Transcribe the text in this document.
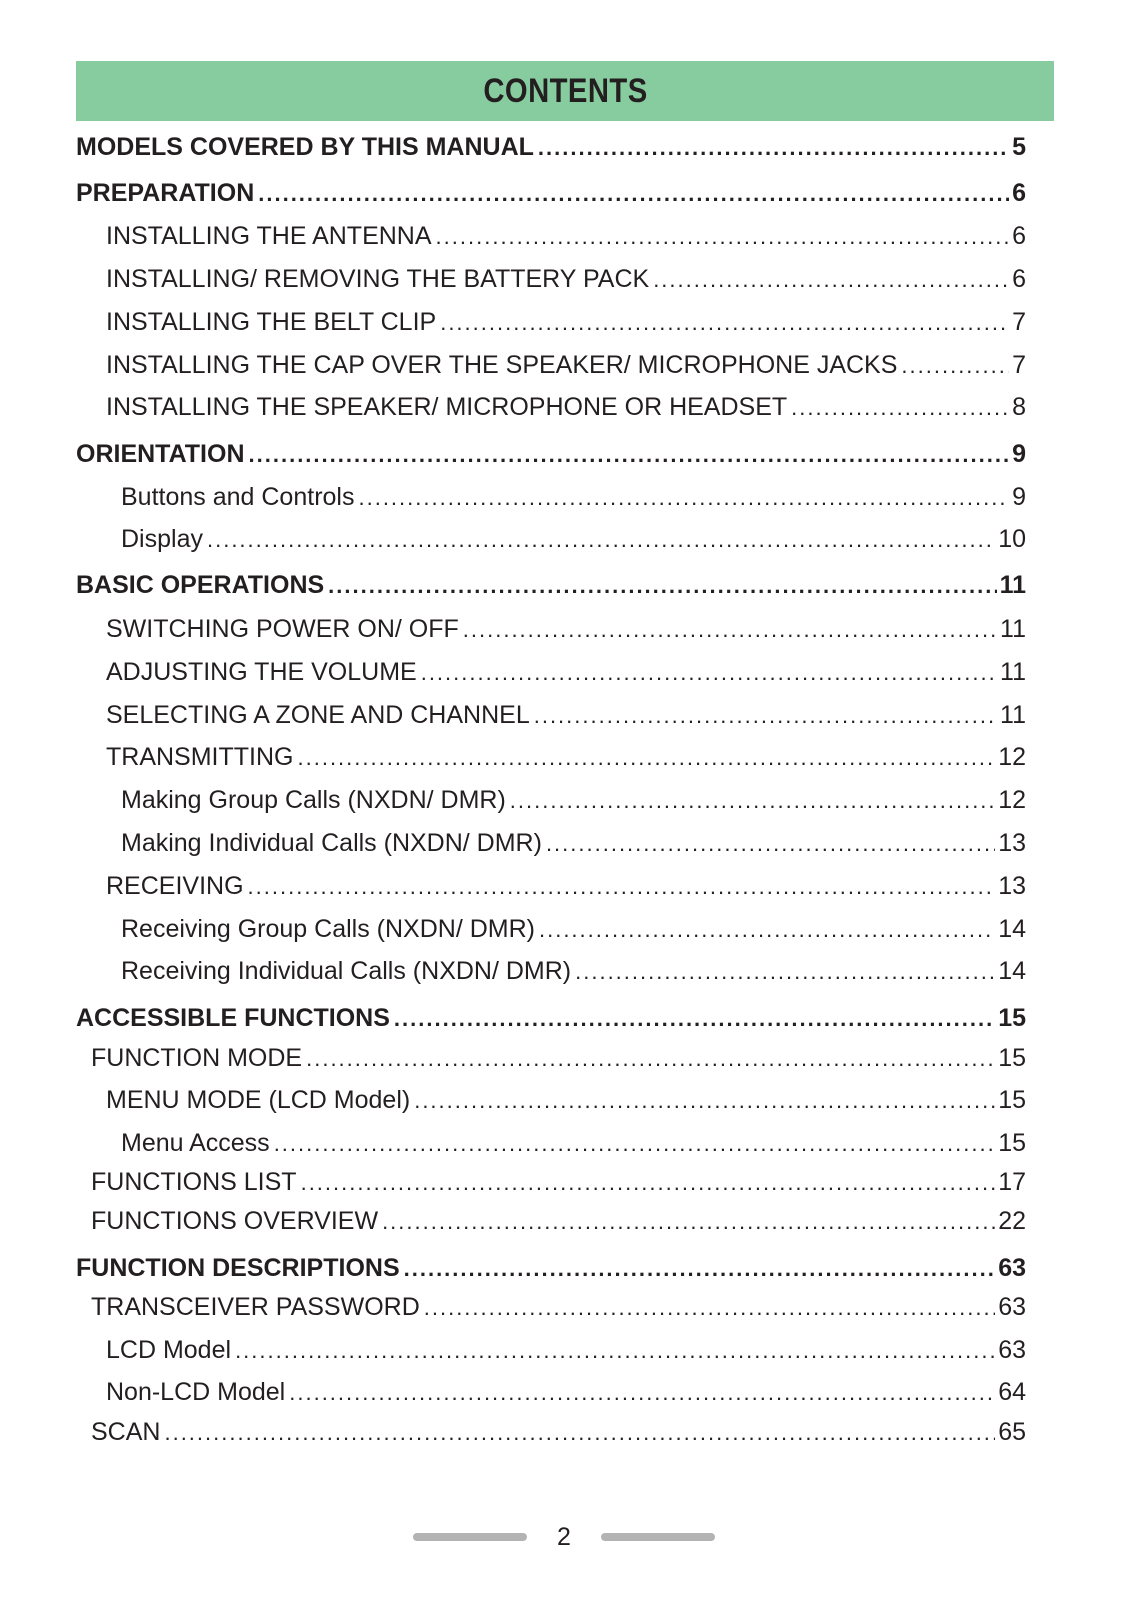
CONTENTS
MODELS COVERED BY THIS MANUAL .....	5
PREPARATION .....	6
INSTALLING THE ANTENNA .....	6
INSTALLING/ REMOVING THE BATTERY PACK .....	6
INSTALLING THE BELT CLIP .....	7
INSTALLING THE CAP OVER THE SPEAKER/ MICROPHONE JACKS .....	7
INSTALLING THE SPEAKER/ MICROPHONE OR HEADSET .....	8
ORIENTATION .....	9
Buttons and Controls .....	9
Display .....	10
BASIC OPERATIONS .....	11
SWITCHING POWER ON/ OFF .....	11
ADJUSTING THE VOLUME .....	11
SELECTING A ZONE AND CHANNEL .....	11
TRANSMITTING .....	12
Making Group Calls (NXDN/ DMR) .....	12
Making Individual Calls (NXDN/ DMR) .....	13
RECEIVING .....	13
Receiving Group Calls (NXDN/ DMR) .....	14
Receiving Individual Calls (NXDN/ DMR) .....	14
ACCESSIBLE FUNCTIONS .....	15
FUNCTION MODE .....	15
MENU MODE (LCD Model) .....	15
Menu Access .....	15
FUNCTIONS LIST .....	17
FUNCTIONS OVERVIEW .....	22
FUNCTION DESCRIPTIONS .....	63
TRANSCEIVER PASSWORD .....	63
LCD Model .....	63
Non-LCD Model .....	64
SCAN .....	65
2
